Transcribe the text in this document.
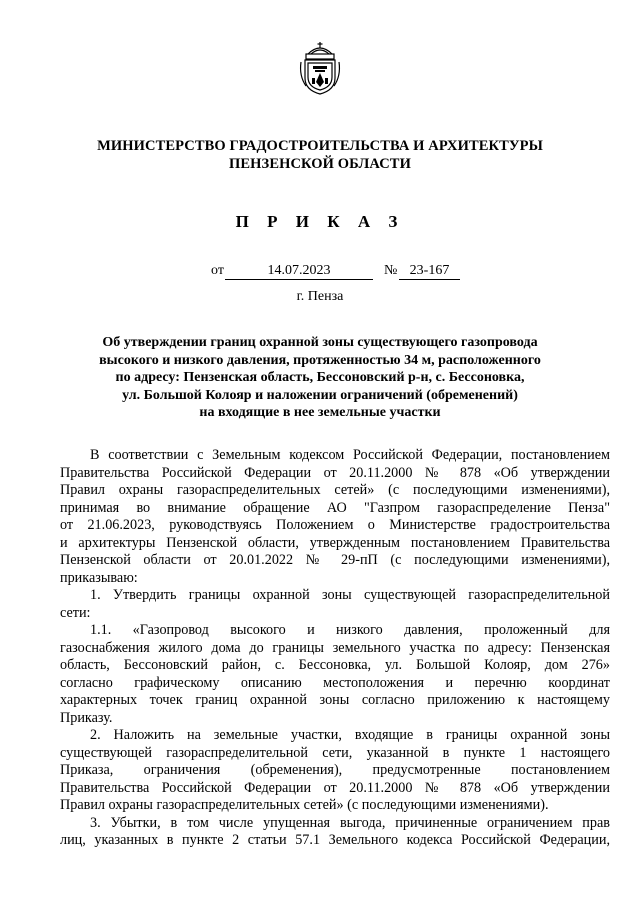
МИНИСТЕРСТВО ГРАДОСТРОИТЕЛЬСТВА И АРХИТЕКТУРЫ
ПЕНЗЕНСКОЙ ОБЛАСТИ
П Р И К А З
от	14.07.2023	№ 23-167
г. Пенза
Об утверждении границ охранной зоны существующего газопровода
высокого и низкого давления, протяженностью 34 м, расположенного
по адресу: Пензенская область, Бессоновский р-н, с. Бессоновка,
ул. Большой Колояр и наложении ограничений (обременений)
на входящие в нее земельные участки
В соответствии с Земельным кодексом Российской Федерации, постановлением
Правительства Российской Федерации от 20.11.2000 № 878 «Об утверждении
Правил охраны газораспределительных сетей» (с последующими изменениями),
принимая во внимание обращение АО "Газпром газораспределение Пенза"
от 21.06.2023, руководствуясь Положением о Министерстве градостроительства
и архитектуры Пензенской области, утвержденным постановлением Правительства
Пензенской области от 20.01.2022 № 29-пП (с последующими изменениями),
приказываю:
1. Утвердить границы охранной зоны существующей газораспределительной
сети:
1.1. «Газопровод высокого и низкого давления, проложенный для
газоснабжения жилого дома до границы земельного участка по адресу: Пензенская
область, Бессоновский район, с. Бессоновка, ул. Большой Колояр, дом 276»
согласно графическому описанию местоположения и перечню координат
характерных точек границ охранной зоны согласно приложению к настоящему
Приказу.
2. Наложить на земельные участки, входящие в границы охранной зоны
существующей газораспределительной сети, указанной в пункте 1 настоящего
Приказа, ограничения (обременения), предусмотренные постановлением
Правительства Российской Федерации от 20.11.2000 № 878 «Об утверждении
Правил охраны газораспределительных сетей» (с последующими изменениями).
3. Убытки, в том числе упущенная выгода, причиненные ограничением прав
лиц, указанных в пункте 2 статьи 57.1 Земельного кодекса Российской Федерации,
